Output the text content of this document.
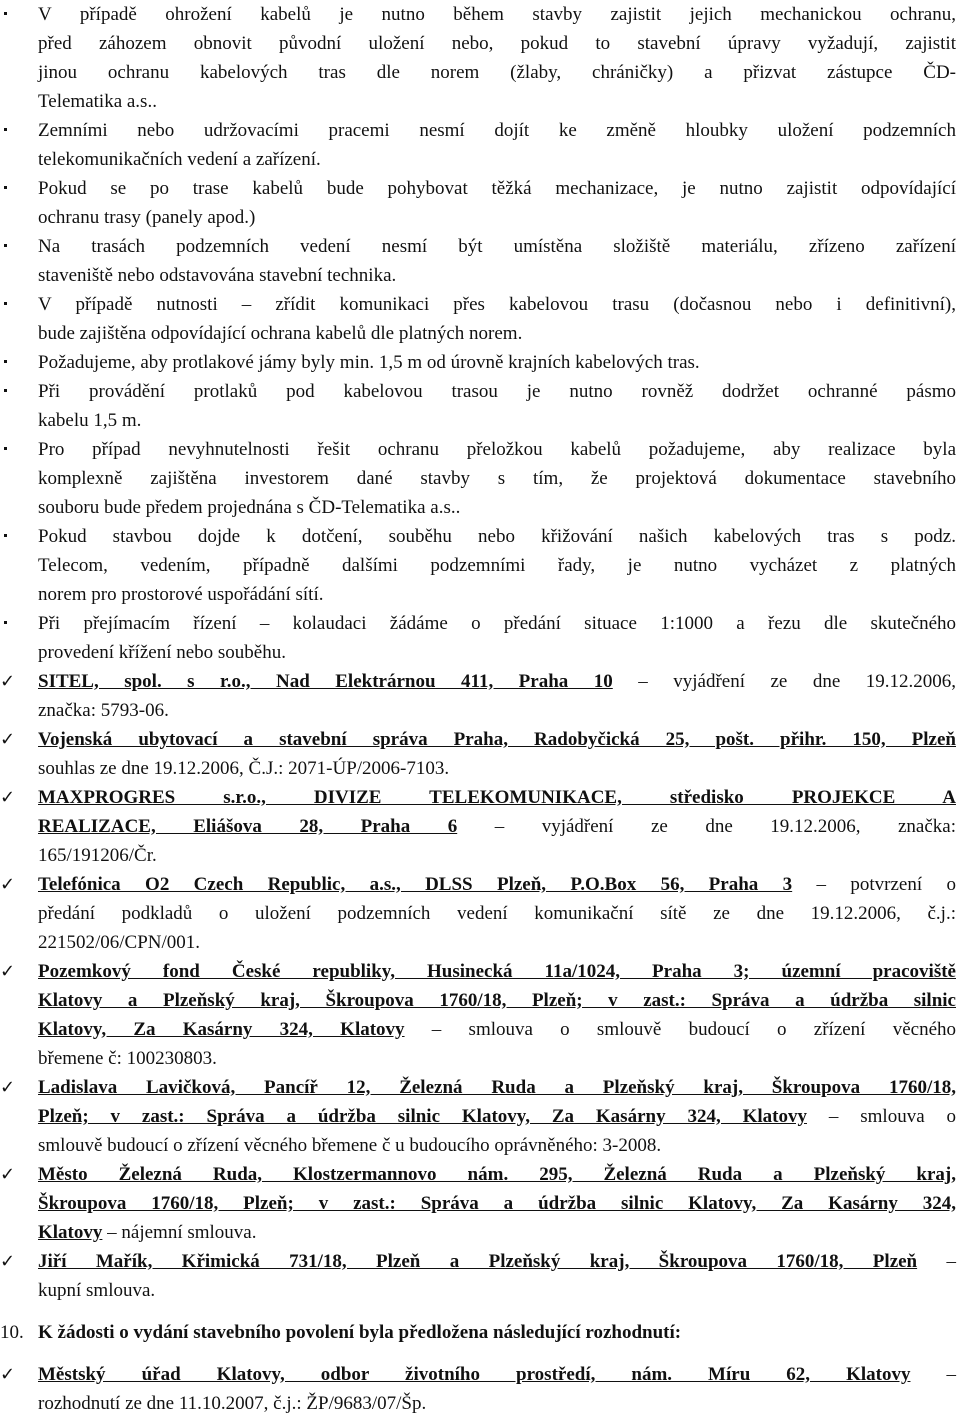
V případě ohrožení kabelů je nutno během stavby zajistit jejich mechanickou ochranu,
před záhozem obnovit původní uložení nebo, pokud to stavební úpravy vyžadují, zajistit
jinou ochranu kabelových tras dle norem (žlaby, chráničky) a přizvat zástupce ČD-
Telematika a.s..
Zemními nebo udržovacími pracemi nesmí dojít ke změně hloubky uložení podzemních
telekomunikačních vedení a zařízení.
Pokud se po trase kabelů bude pohybovat těžká mechanizace, je nutno zajistit odpovídající
ochranu trasy (panely apod.)
Na trasách podzemních vedení nesmí být umístěna složiště materiálu, zřízeno zařízení
staveniště nebo odstavována stavební technika.
V případě nutnosti – zřídit komunikaci přes kabelovou trasu (dočasnou nebo i definitivní),
bude zajištěna odpovídající ochrana kabelů dle platných norem.
Požadujeme, aby protlakové jámy byly min. 1,5 m od úrovně krajních kabelových tras.
Při provádění protlaků pod kabelovou trasou je nutno rovněž dodržet ochranné pásmo
kabelu 1,5 m.
Pro případ nevyhnutelnosti řešit ochranu přeložkou kabelů požadujeme, aby realizace byla
komplexně zajištěna investorem dané stavby s tím, že projektová dokumentace stavebního
souboru bude předem projednána s ČD-Telematika a.s..
Pokud stavbou dojde k dotčení, souběhu nebo křižování našich kabelových tras s podz.
Telecom, vedením, případně dalšími podzemními řady, je nutno vycházet z platných
norem pro prostorové uspořádání sítí.
Při přejímacím řízení – kolaudaci žádáme o předání situace 1:1000 a řezu dle skutečného
provedení křížení nebo souběhu.
✓	SITEL, spol. s r.o., Nad Elektrárnou 411, Praha 10 – vyjádření ze dne 19.12.2006,
značka: 5793-06.
✓	Vojenská ubytovací a stavební správa Praha, Radobyčická 25, pošt. přihr. 150, Plzeň
souhlas ze dne 19.12.2006, Č.J.: 2071-ÚP/2006-7103.
✓	MAXPROGRES s.r.o., DIVIZE TELEKOMUNIKACE, středisko PROJEKCE A
REALIZACE, Eliášova 28, Praha 6 – vyjádření ze dne 19.12.2006, značka:
165/191206/Čr.
✓	Telefónica O2 Czech Republic, a.s., DLSS Plzeň, P.O.Box 56, Praha 3 – potvrzení o
předání podkladů o uložení podzemních vedení komunikační sítě ze dne 19.12.2006, č.j.:
221502/06/CPN/001.
✓	Pozemkový fond České republiky, Husinecká 11a/1024, Praha 3; územní pracoviště
Klatovy a Plzeňský kraj, Škroupova 1760/18, Plzeň; v zast.: Správa a údržba silnic
Klatovy, Za Kasárny 324, Klatovy – smlouva o smlouvě budoucí o zřízení věcného
břemene č: 100230803.
✓	Ladislava Lavičková, Pancíř 12, Železná Ruda a Plzeňský kraj, Škroupova 1760/18,
Plzeň; v zast.: Správa a údržba silnic Klatovy, Za Kasárny 324, Klatovy – smlouva o
smlouvě budoucí o zřízení věcného břemene č u budoucího oprávněného: 3-2008.
✓	Město Železná Ruda, Klostzermannovo nám. 295, Železná Ruda a Plzeňský kraj,
Škroupova 1760/18, Plzeň; v zast.: Správa a údržba silnic Klatovy, Za Kasárny 324,
Klatovy – nájemní smlouva.
✓	Jiří Mařík, Křimická 731/18, Plzeň a Plzeňský kraj, Škroupova 1760/18, Plzeň –
kupní smlouva.
10. K žádosti o vydání stavebního povolení byla předložena následující rozhodnutí:
✓	Městský úřad Klatovy, odbor životního prostředí, nám. Míru 62, Klatovy –
rozhodnutí ze dne 11.10.2007, č.j.: ŽP/9683/07/Šp.
